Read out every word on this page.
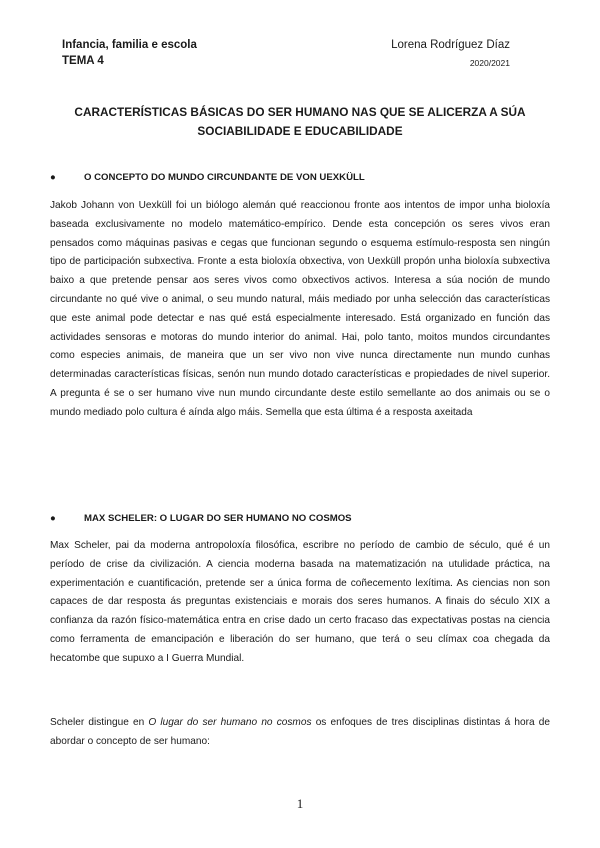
Infancia, familia e escola
TEMA 4
Lorena Rodríguez Díaz
2020/2021
CARACTERÍSTICAS BÁSICAS DO SER HUMANO NAS QUE SE ALICERZA A SÚA SOCIABILIDADE E EDUCABILIDADE
●	O CONCEPTO DO MUNDO CIRCUNDANTE DE VON UEXKÜLL
Jakob Johann von Uexküll foi un biólogo alemán qué reaccionou fronte aos intentos de impor unha bioloxía baseada exclusivamente no modelo matemático-empírico. Dende esta concepción os seres vivos eran pensados como máquinas pasivas e cegas que funcionan segundo o esquema estímulo-resposta sen ningún tipo de participación subxectiva. Fronte a esta bioloxía obxectiva, von Uexküll propón unha bioloxía subxectiva baixo a que pretende pensar aos seres vivos como obxectivos activos. Interesa a súa noción de mundo circundante no qué vive o animal, o seu mundo natural, máis mediado por unha selección das características que este animal pode detectar e nas qué está especialmente interesado. Está organizado en función das actividades sensoras e motoras do mundo interior do animal. Hai, polo tanto, moitos mundos circundantes como especies animais, de maneira que un ser vivo non vive nunca directamente nun mundo cunhas determinadas características físicas, senón nun mundo dotado características e propiedades de nivel superior. A pregunta é se o ser humano vive nun mundo circundante deste estilo semellante ao dos animais ou se o mundo mediado polo cultura é aínda algo máis. Semella que esta última é a resposta axeitada
●	MAX SCHELER: O LUGAR DO SER HUMANO NO COSMOS
Max Scheler, pai da moderna antropoloxía filosófica, escribre no período de cambio de século, qué é un período de crise da civilización. A ciencia moderna basada na matematización na utulidade práctica, na experimentación e cuantificación, pretende ser a única forma de coñecemento lexítima. As ciencias non son capaces de dar resposta ás preguntas existenciais e morais dos seres humanos. A finais do século XIX a confianza da razón físico-matemática entra en crise dado un certo fracaso das expectativas postas na ciencia como ferramenta de emancipación e liberación do ser humano, que terá o seu clímax coa chegada da hecatombe que supuxo a I Guerra Mundial.
Scheler distingue en O lugar do ser humano no cosmos os enfoques de tres disciplinas distintas á hora de abordar o concepto de ser humano:
1
